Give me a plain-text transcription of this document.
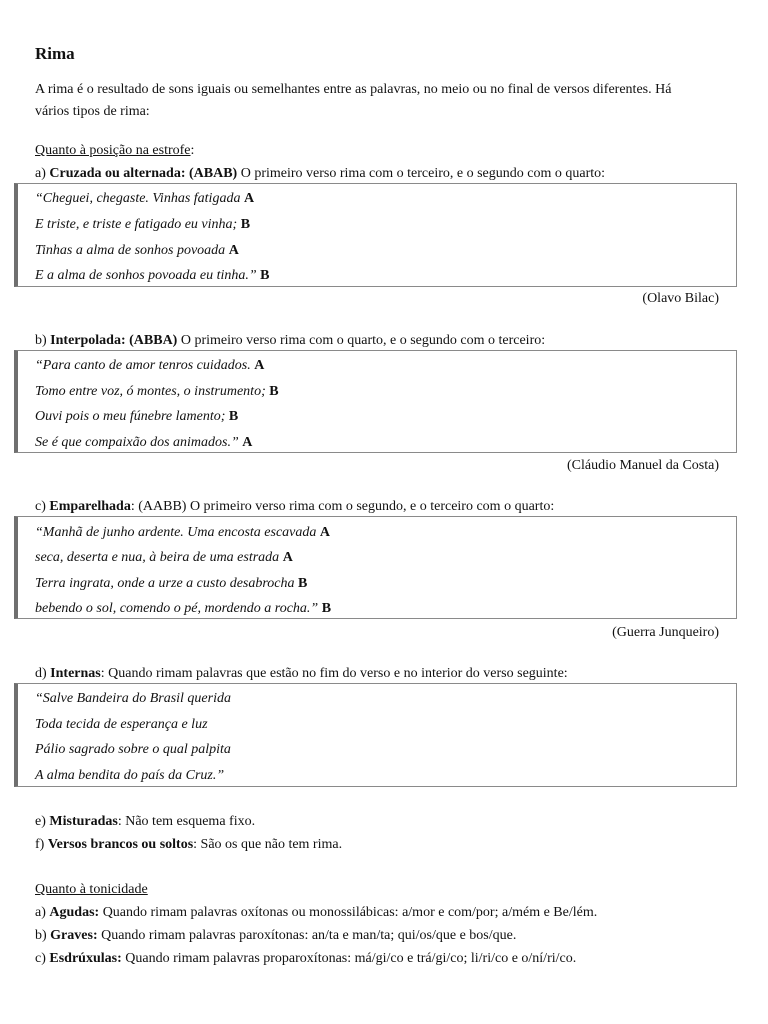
Rima
A rima é o resultado de sons iguais ou semelhantes entre as palavras, no meio ou no final de versos diferentes. Há vários tipos de rima:
Quanto à posição na estrofe:
a) Cruzada ou alternada: (ABAB) O primeiro verso rima com o terceiro, e o segundo com o quarto:
“Cheguei, chegaste. Vinhas fatigada A
E triste, e triste e fatigado eu vinha; B
Tinhas a alma de sonhos povoada A
E a alma de sonhos povoada eu tinha.” B
(Olavo Bilac)
b) Interpolada: (ABBA) O primeiro verso rima com o quarto, e o segundo com o terceiro:
“Para canto de amor tenros cuidados. A
Tomo entre voz, ó montes, o instrumento; B
Ouvi pois o meu fúnebre lamento; B
Se é que compaixão dos animados.” A
(Cláudio Manuel da Costa)
c) Emparelhada: (AABB) O primeiro verso rima com o segundo, e o terceiro com o quarto:
“Manhã de junho ardente. Uma encosta escavada A
seca, deserta e nua, à beira de uma estrada A
Terra ingrata, onde a urze a custo desabrocha B
bebendo o sol, comendo o pé, mordendo a rocha.” B
(Guerra Junqueiro)
d) Internas: Quando rimam palavras que estão no fim do verso e no interior do verso seguinte:
“Salve Bandeira do Brasil querida
Toda tecida de esperança e luz
Pálio sagrado sobre o qual palpita
A alma bendita do país da Cruz.”
e) Misturadas: Não tem esquema fixo.
f) Versos brancos ou soltos: São os que não tem rima.
Quanto à tonicidade
a) Agudas: Quando rimam palavras oxítonas ou monossilábicas: a/mor e com/por; a/mém e Be/lém.
b) Graves: Quando rimam palavras paroxítonas: an/ta e man/ta; qui/os/que e bos/que.
c) Esdrúxulas: Quando rimam palavras proparoxítonas: má/gi/co e trá/gi/co; li/ri/co e o/ní/ri/co.
